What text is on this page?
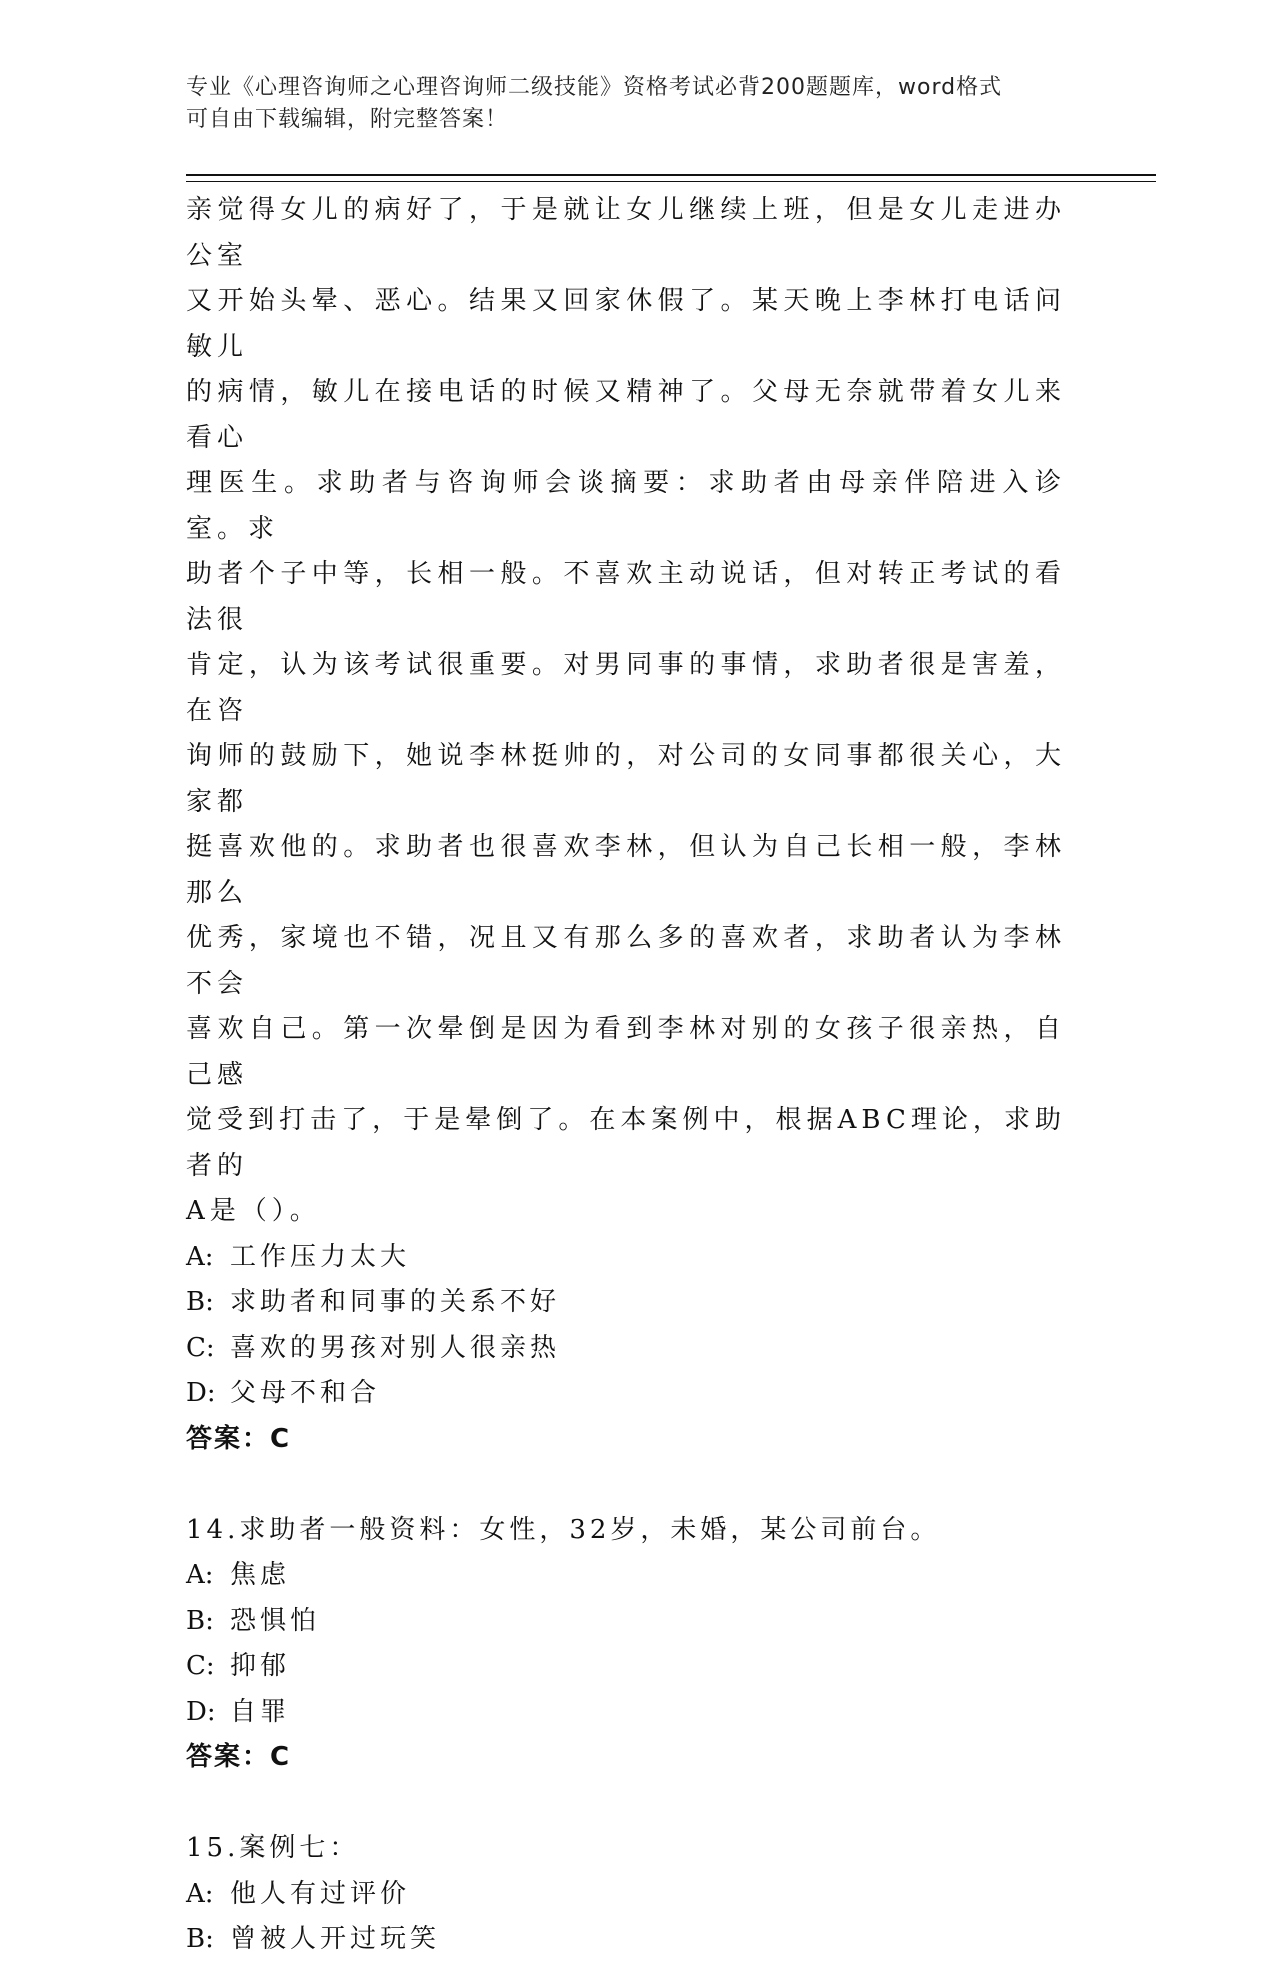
专业《心理咨询师之心理咨询师二级技能》资格考试必背200题题库，word格式
可自由下载编辑，附完整答案！
亲觉得女儿的病好了，于是就让女儿继续上班，但是女儿走进办公室
又开始头晕、恶心。结果又回家休假了。某天晚上李林打电话问敏儿
的病情，敏儿在接电话的时候又精神了。父母无奈就带着女儿来看心
理医生。求助者与咨询师会谈摘要：求助者由母亲伴陪进入诊室。求
助者个子中等，长相一般。不喜欢主动说话，但对转正考试的看法很
肯定，认为该考试很重要。对男同事的事情，求助者很是害羞，在咨
询师的鼓励下，她说李林挺帅的，对公司的女同事都很关心，大家都
挺喜欢他的。求助者也很喜欢李林，但认为自己长相一般，李林那么
优秀，家境也不错，况且又有那么多的喜欢者，求助者认为李林不会
喜欢自己。第一次晕倒是因为看到李林对别的女孩子很亲热，自己感
觉受到打击了，于是晕倒了。在本案例中，根据ABC理论，求助者的
A是（）。
A: 工作压力太大
B: 求助者和同事的关系不好
C: 喜欢的男孩对别人很亲热
D: 父母不和合
答案：C
14.求助者一般资料：女性，32岁，未婚，某公司前台。
A: 焦虑
B: 恐惧怕
C: 抑郁
D: 自罪
答案：C
15.案例七：
A: 他人有过评价
B: 曾被人开过玩笑
